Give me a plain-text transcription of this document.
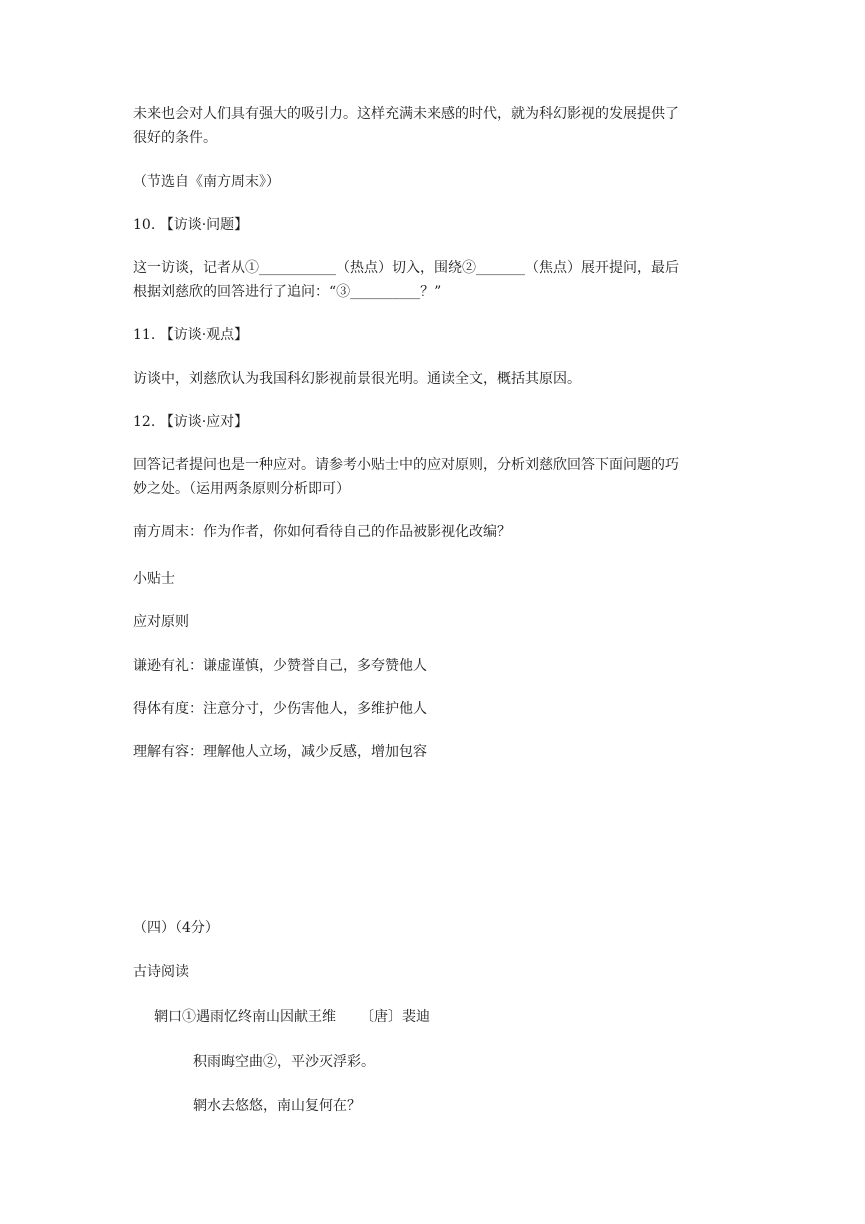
未来也会对人们具有强大的吸引力。这样充满未来感的时代，就为科幻影视的发展提供了
很好的条件。
（节选自《南方周末》）
10. 【访谈·问题】
这一访谈，记者从①___________（热点）切入，围绕②_______（焦点）展开提问，最后
根据刘慈欣的回答进行了追问：“③__________？”
11. 【访谈·观点】
访谈中，刘慈欣认为我国科幻影视前景很光明。通读全文，概括其原因。
12. 【访谈·应对】
回答记者提问也是一种应对。请参考小贴士中的应对原则，分析刘慈欣回答下面问题的巧
妙之处。（运用两条原则分析即可）
南方周末：作为作者，你如何看待自己的作品被影视化改编？
小贴士
应对原则
谦逊有礼：谦虚谨慎，少赞誉自己，多夸赞他人
得体有度：注意分寸，少伤害他人，多维护他人
理解有容：理解他人立场，减少反感，增加包容
（四）（4分）
古诗阅读
辋口①遇雨忆终南山因献王维 〔唐〕裴迪
积雨晦空曲②，平沙灭浮彩。
辋水去悠悠，南山复何在？
